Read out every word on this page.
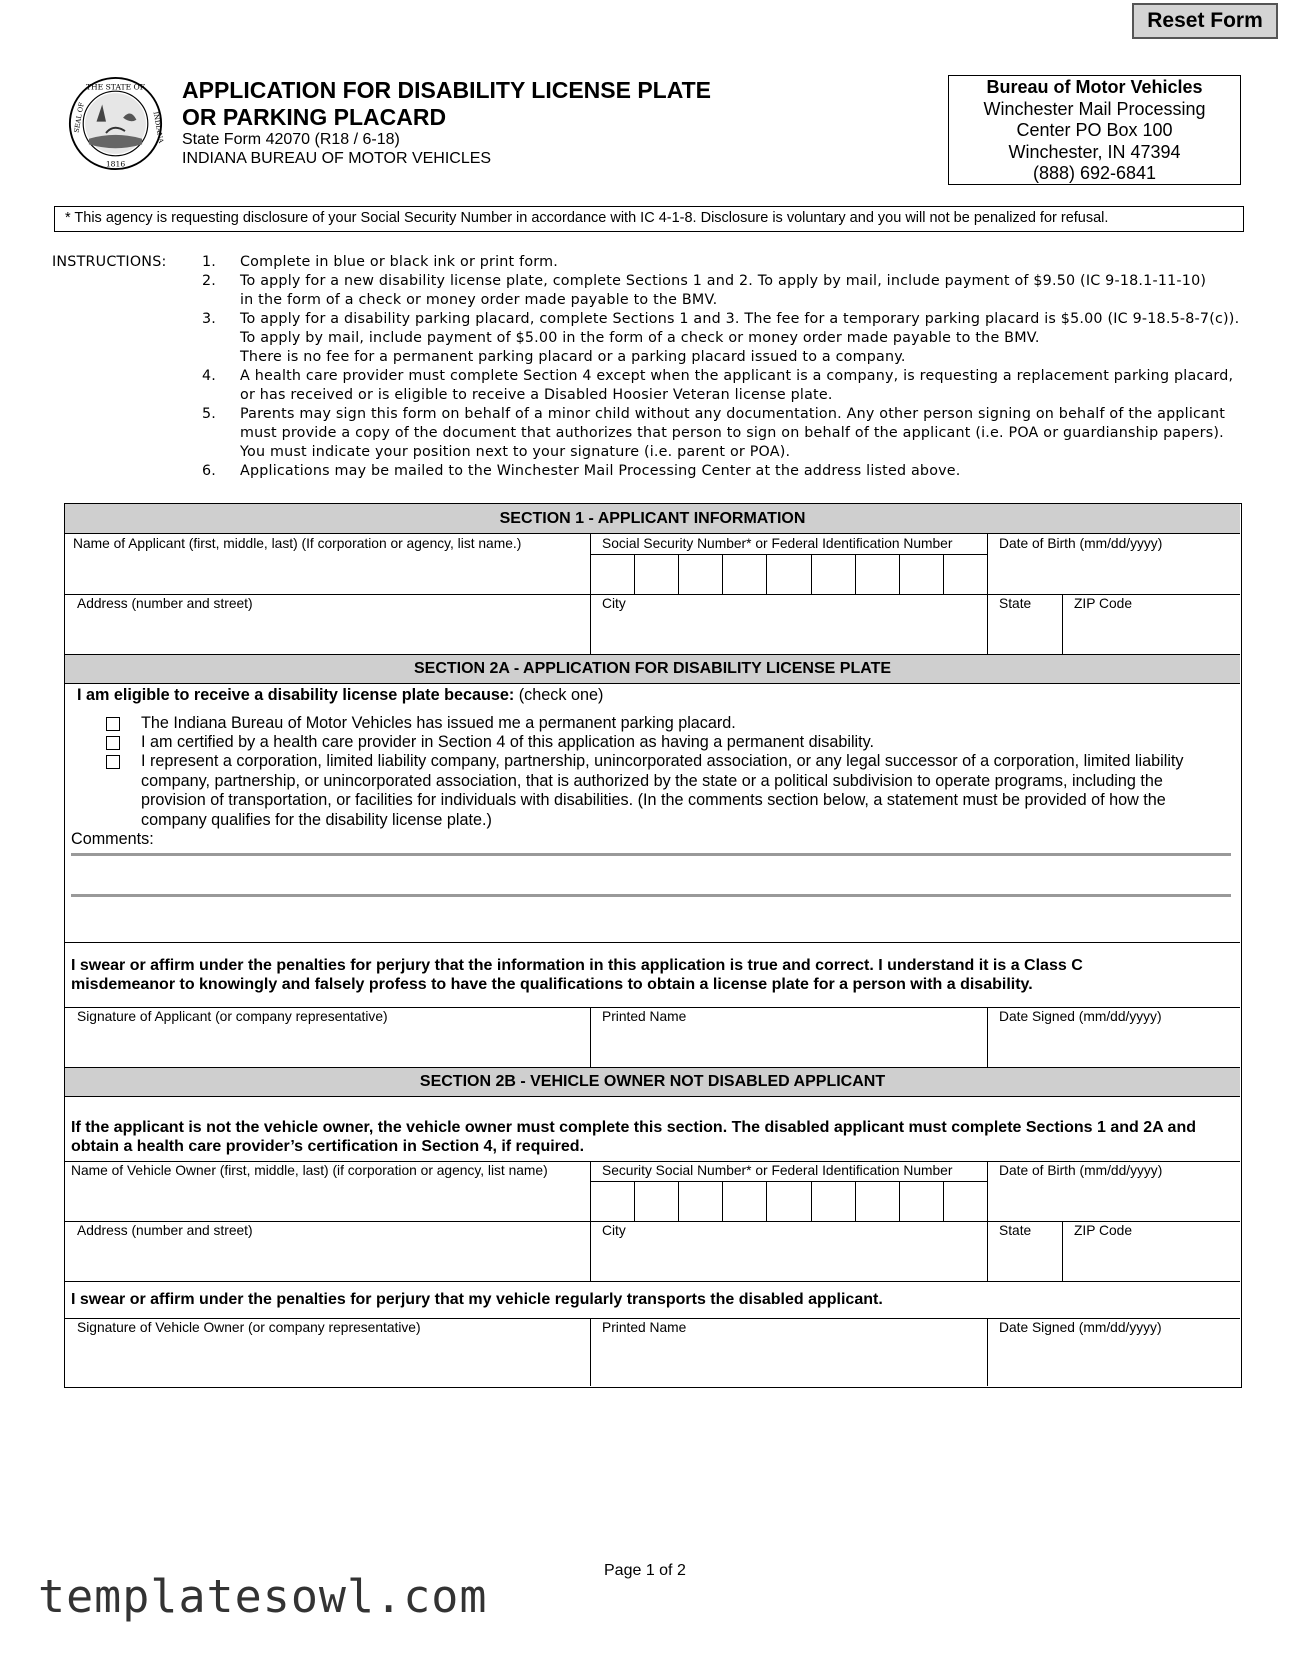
Reset Form
THE STATE OF
SEAL OF	INDIANA
1816
APPLICATION FOR DISABILITY LICENSE PLATE
OR PARKING PLACARD
State Form 42070 (R18 / 6-18)
INDIANA BUREAU OF MOTOR VEHICLES
Bureau of Motor Vehicles
Winchester Mail Processing
Center PO Box 100
Winchester, IN 47394
(888) 692-6841
* This agency is requesting disclosure of your Social Security Number in accordance with IC 4-1-8. Disclosure is voluntary and you will not be penalized for refusal.
INSTRUCTIONS: 1.	Complete in blue or black ink or print form.
2.	To apply for a new disability license plate, complete Sections 1 and 2. To apply by mail, include payment of $9.50 (IC 9-18.1-11-10)
in the form of a check or money order made payable to the BMV.
3.	To apply for a disability parking placard, complete Sections 1 and 3. The fee for a temporary parking placard is $5.00 (IC 9-18.5-8-7(c)).
To apply by mail, include payment of $5.00 in the form of a check or money order made payable to the BMV.
There is no fee for a permanent parking placard or a parking placard issued to a company.
4.	A health care provider must complete Section 4 except when the applicant is a company, is requesting a replacement parking placard,
or has received or is eligible to receive a Disabled Hoosier Veteran license plate.
5.	Parents may sign this form on behalf of a minor child without any documentation. Any other person signing on behalf of the applicant
must provide a copy of the document that authorizes that person to sign on behalf of the applicant (i.e. POA or guardianship papers).
You must indicate your position next to your signature (i.e. parent or POA).
6.	Applications may be mailed to the Winchester Mail Processing Center at the address listed above.
SECTION 1 - APPLICANT INFORMATION
Name of Applicant (first, middle, last) (If corporation or agency, list name.)	Social Security Number* or Federal Identification Number	Date of Birth (mm/dd/yyyy)
Address (number and street)	City	State	ZIP Code
SECTION 2A - APPLICATION FOR DISABILITY LICENSE PLATE
I am eligible to receive a disability license plate because: (check one)
The Indiana Bureau of Motor Vehicles has issued me a permanent parking placard.
I am certified by a health care provider in Section 4 of this application as having a permanent disability.
I represent a corporation, limited liability company, partnership, unincorporated association, or any legal successor of a corporation, limited liability
company, partnership, or unincorporated association, that is authorized by the state or a political subdivision to operate programs, including the
provision of transportation, or facilities for individuals with disabilities. (In the comments section below, a statement must be provided of how the
company qualifies for the disability license plate.)
Comments:
I swear or affirm under the penalties for perjury that the information in this application is true and correct. I understand it is a Class C
misdemeanor to knowingly and falsely profess to have the qualifications to obtain a license plate for a person with a disability.
Signature of Applicant (or company representative)	Printed Name	Date Signed (mm/dd/yyyy)
SECTION 2B - VEHICLE OWNER NOT DISABLED APPLICANT
If the applicant is not the vehicle owner, the vehicle owner must complete this section. The disabled applicant must complete Sections 1 and 2A and
obtain a health care provider’s certification in Section 4, if required.
Name of Vehicle Owner (first, middle, last) (if corporation or agency, list name)	Security Social Number* or Federal Identification Number	Date of Birth (mm/dd/yyyy)
Address (number and street)	City	State	ZIP Code
I swear or affirm under the penalties for perjury that my vehicle regularly transports the disabled applicant.
Signature of Vehicle Owner (or company representative)	Printed Name	Date Signed (mm/dd/yyyy)
Page 1 of 2
templatesowl.com
